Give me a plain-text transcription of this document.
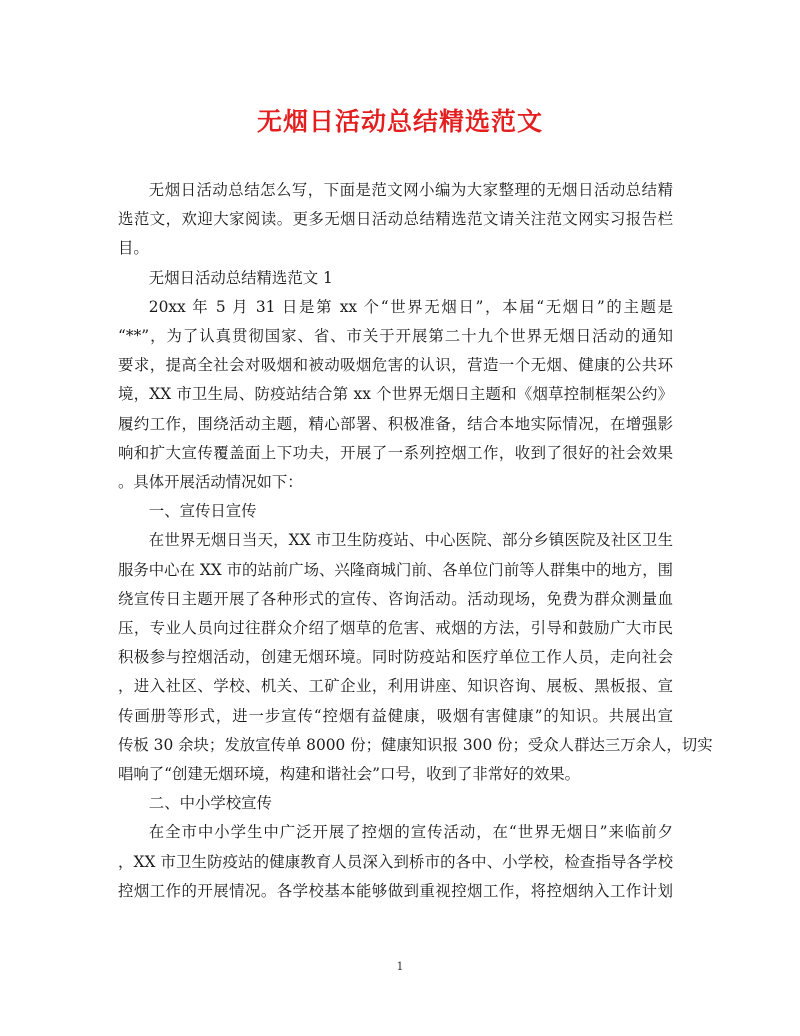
无烟日活动总结精选范文
无烟日活动总结怎么写，下面是范文网小编为大家整理的无烟日活动总结精
选范文，欢迎大家阅读。更多无烟日活动总结精选范文请关注范文网实习报告栏
目。
无烟日活动总结精选范文 1
20xx 年 5 月 31 日是第 xx 个“世界无烟日”，本届“无烟日”的主题是
“**”，为了认真贯彻国家、省、市关于开展第二十九个世界无烟日活动的通知
要求，提高全社会对吸烟和被动吸烟危害的认识，营造一个无烟、健康的公共环
境，XX 市卫生局、防疫站结合第 xx 个世界无烟日主题和《烟草控制框架公约》
履约工作，围绕活动主题，精心部署、积极准备，结合本地实际情况，在增强影
响和扩大宣传覆盖面上下功夫，开展了一系列控烟工作，收到了很好的社会效果
。具体开展活动情况如下：
一、宣传日宣传
在世界无烟日当天，XX 市卫生防疫站、中心医院、部分乡镇医院及社区卫生
服务中心在 XX 市的站前广场、兴隆商城门前、各单位门前等人群集中的地方，围
绕宣传日主题开展了各种形式的宣传、咨询活动。活动现场，免费为群众测量血
压，专业人员向过往群众介绍了烟草的危害、戒烟的方法，引导和鼓励广大市民
积极参与控烟活动，创建无烟环境。同时防疫站和医疗单位工作人员，走向社会
，进入社区、学校、机关、工矿企业，利用讲座、知识咨询、展板、黑板报、宣
传画册等形式，进一步宣传“控烟有益健康，吸烟有害健康”的知识。共展出宣
传板 30 余块；发放宣传单 8000 份；健康知识报 300 份；受众人群达三万余人，切实
唱响了“创建无烟环境，构建和谐社会”口号，收到了非常好的效果。
二、中小学校宣传
在全市中小学生中广泛开展了控烟的宣传活动，在“世界无烟日”来临前夕
，XX 市卫生防疫站的健康教育人员深入到桥市的各中、小学校，检查指导各学校
控烟工作的开展情况。各学校基本能够做到重视控烟工作，将控烟纳入工作计划
1
